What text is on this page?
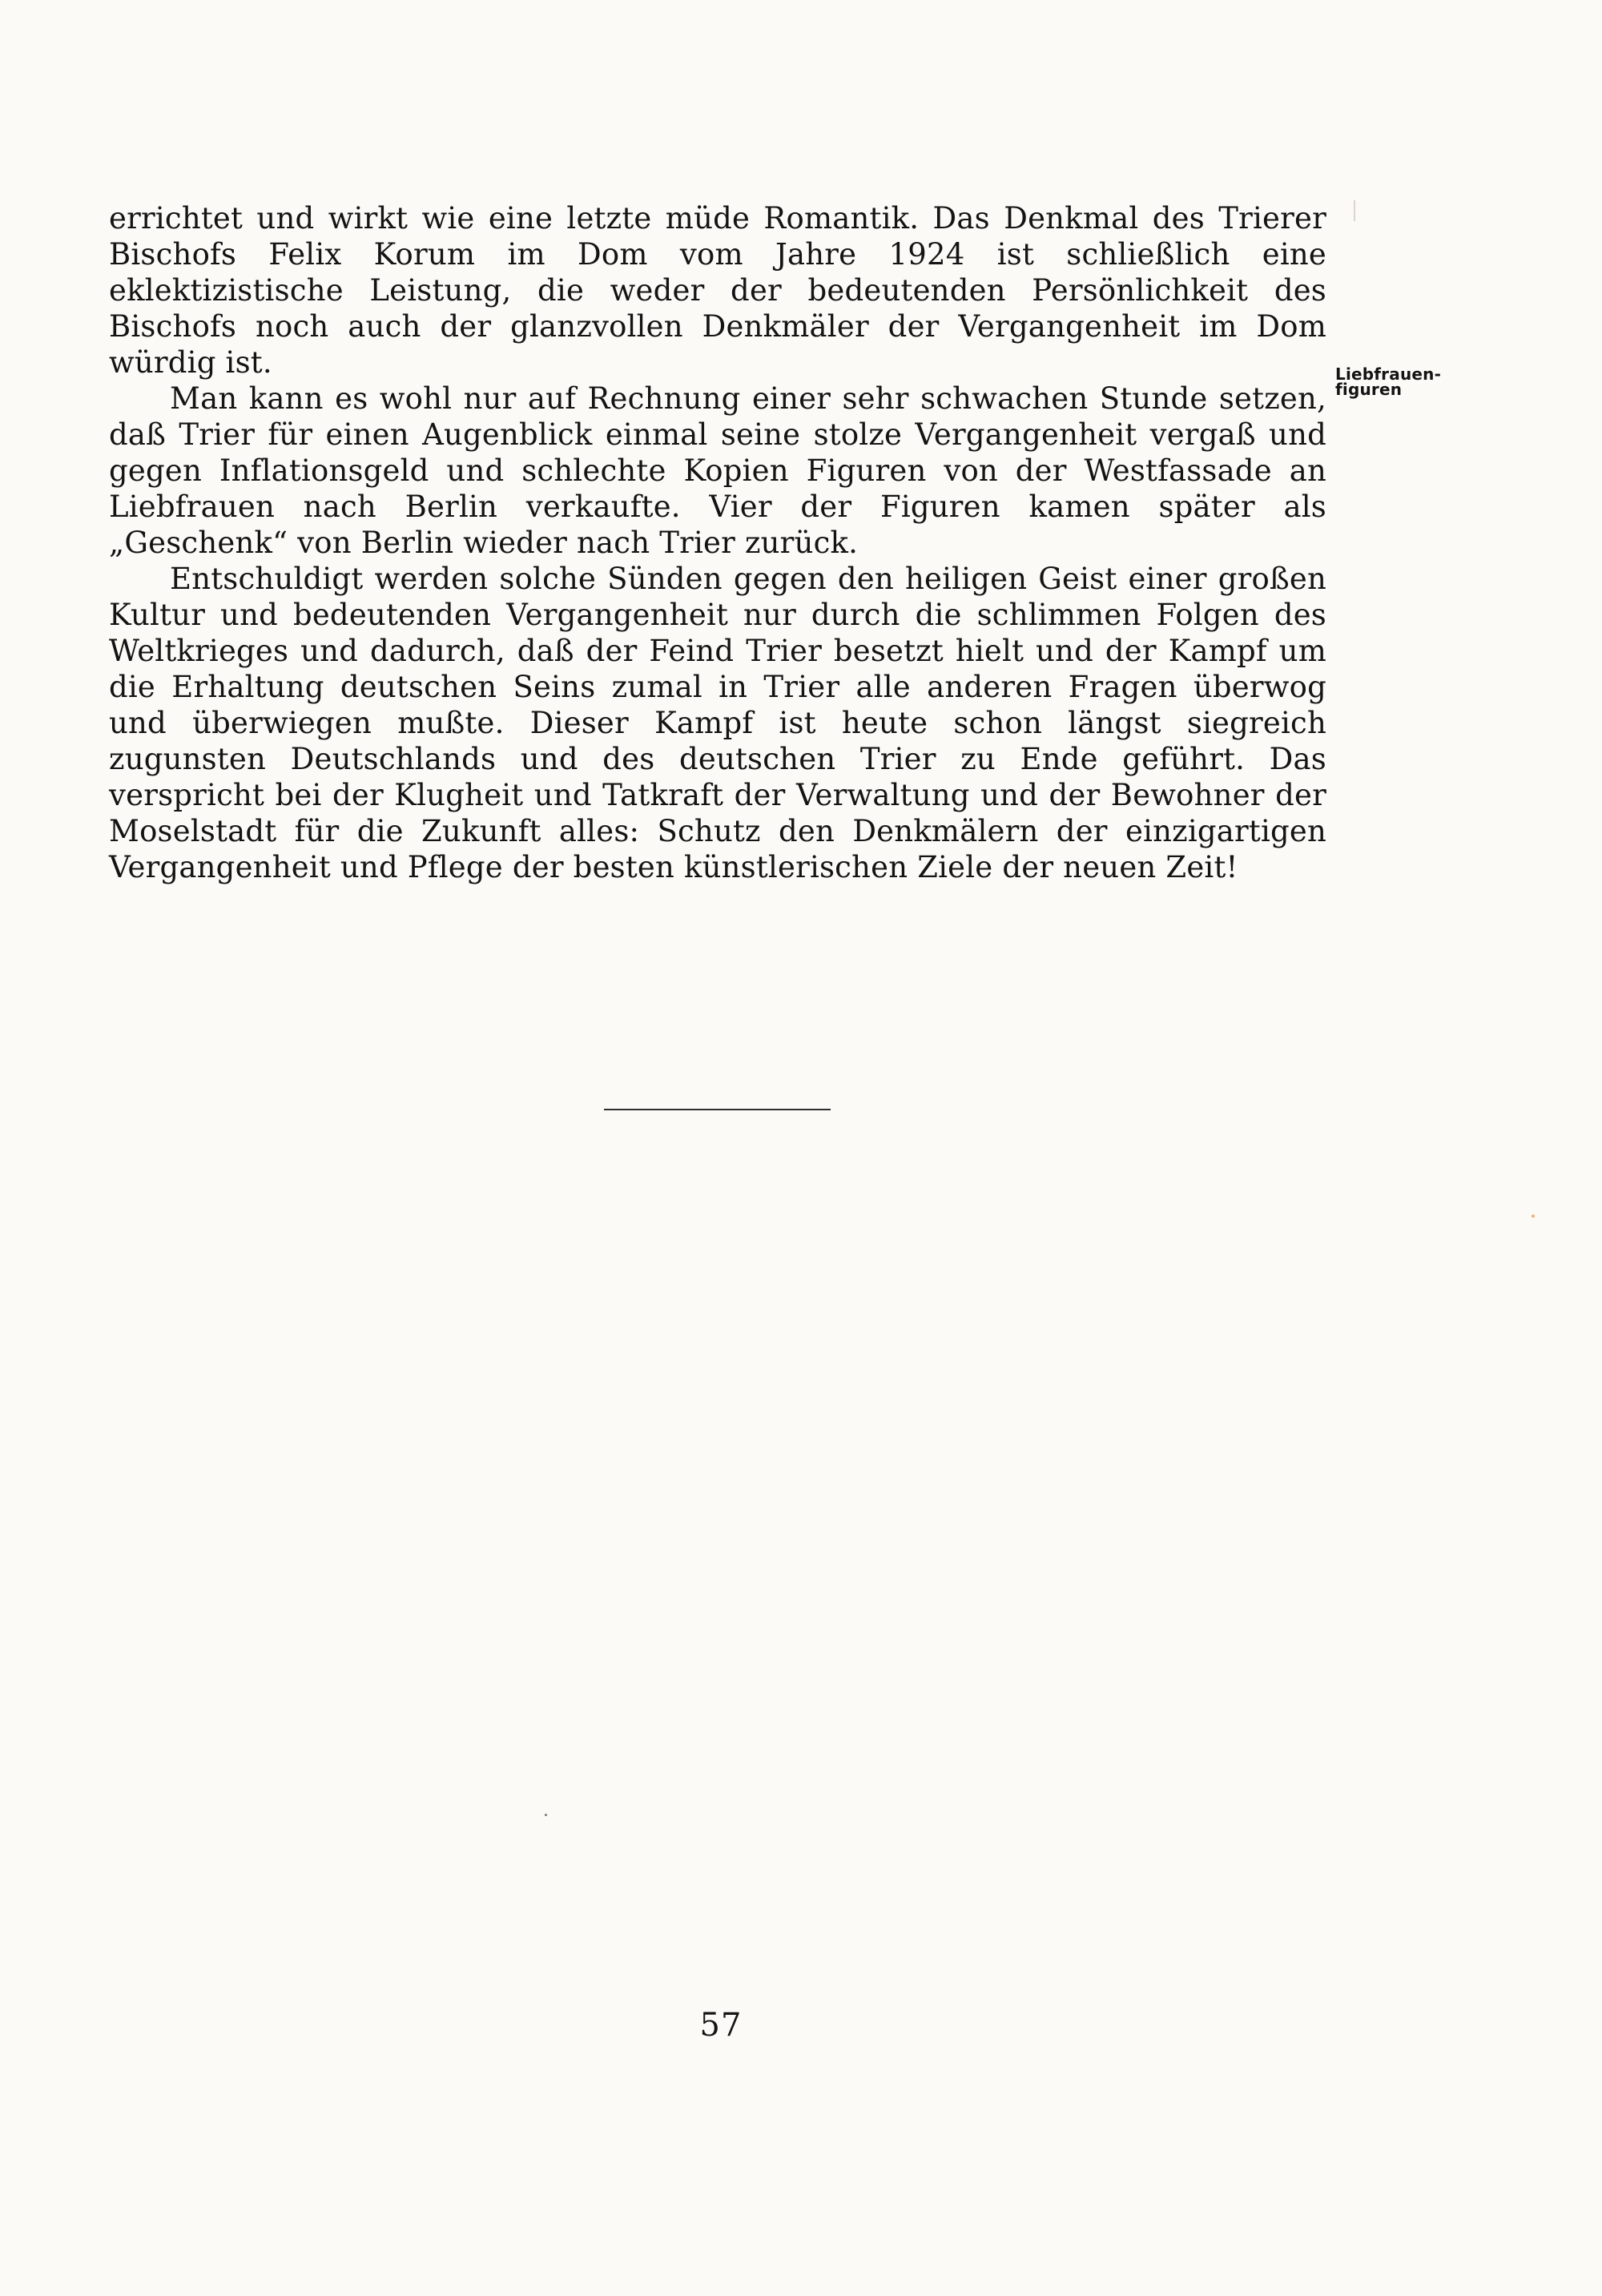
errichtet und wirkt wie eine letzte müde Romantik. Das Denkmal des Trierer Bischofs Felix Korum im Dom vom Jahre 1924 ist schließlich eine eklektizistische Leistung, die weder der bedeutenden Persönlichkeit des Bischofs noch auch der glanzvollen Denkmäler der Vergangenheit im Dom würdig ist.

Man kann es wohl nur auf Rechnung einer sehr schwachen Stunde setzen, daß Trier für einen Augenblick einmal seine stolze Vergangenheit vergaß und gegen Inflationsgeld und schlechte Kopien Figuren von der Westfassade an Liebfrauen nach Berlin verkaufte. Vier der Figuren kamen später als „Geschenk“ von Berlin wieder nach Trier zurück.

Entschuldigt werden solche Sünden gegen den heiligen Geist einer großen Kultur und bedeutenden Vergangenheit nur durch die schlimmen Folgen des Weltkrieges und dadurch, daß der Feind Trier besetzt hielt und der Kampf um die Erhaltung deutschen Seins zumal in Trier alle anderen Fragen überwog und überwiegen mußte. Dieser Kampf ist heute schon längst siegreich zugunsten Deutschlands und des deutschen Trier zu Ende geführt. Das verspricht bei der Klugheit und Tatkraft der Verwaltung und der Bewohner der Moselstadt für die Zukunft alles: Schutz den Denkmälern der einzigartigen Vergangenheit und Pflege der besten künstlerischen Ziele der neuen Zeit!

Liebfrauen-
figuren
57
